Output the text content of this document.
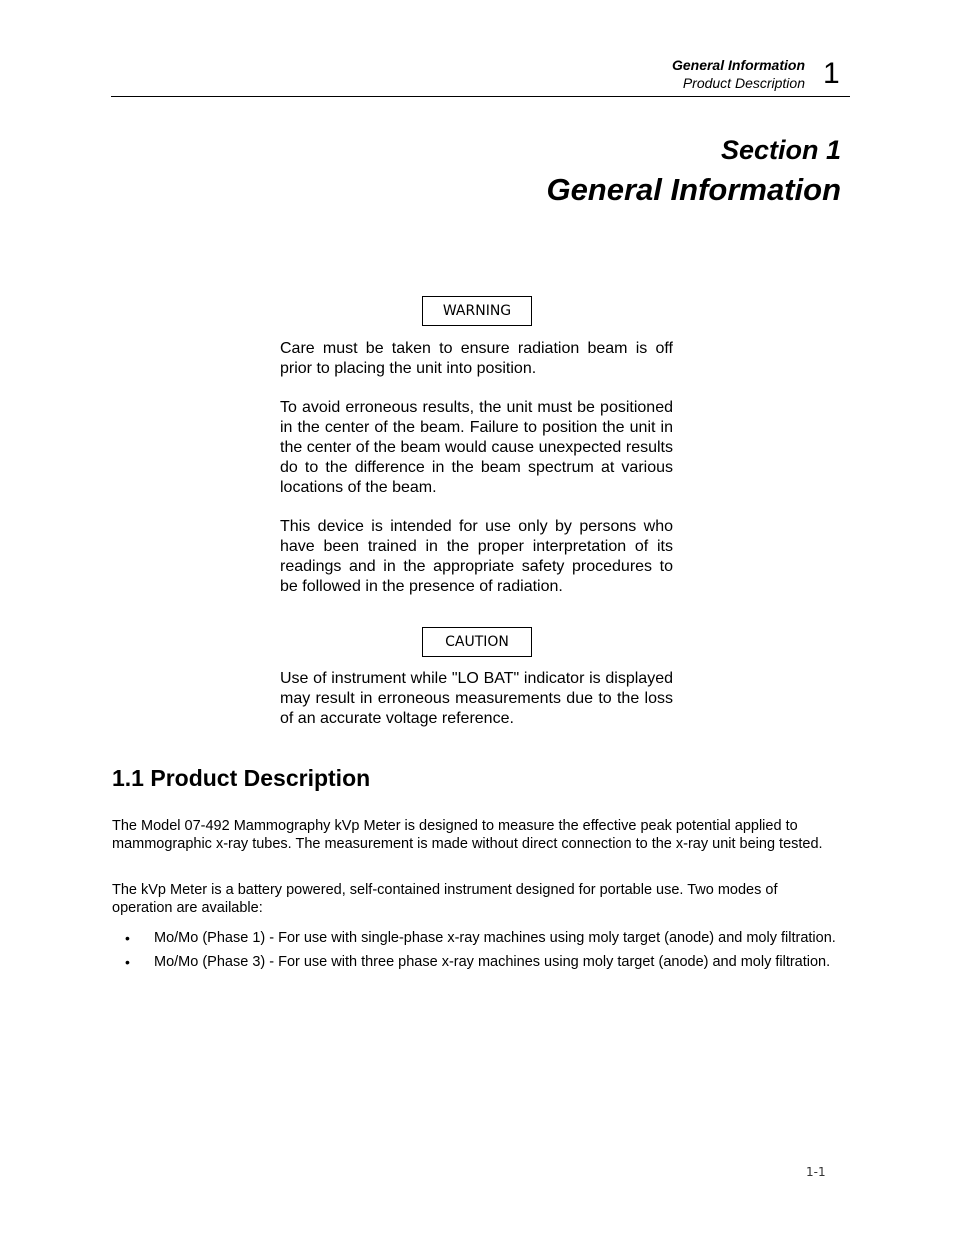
General Information
Product Description 1
Section 1
General Information
WARNING

Care must be taken to ensure radiation beam is off prior to placing the unit into position.

To avoid erroneous results, the unit must be positioned in the center of the beam. Failure to position the unit in the center of the beam would cause unexpected results do to the difference in the beam spectrum at various locations of the beam.

This device is intended for use only by persons who have been trained in the proper interpretation of its readings and in the appropriate safety procedures to be followed in the presence of radiation.

CAUTION

Use of instrument while "LO BAT" indicator is displayed may result in erroneous measurements due to the loss of an accurate voltage reference.

1.1 Product Description

The Model 07-492 Mammography kVp Meter is designed to measure the effective peak potential applied to mammographic x-ray tubes. The measurement is made without direct connection to the x-ray unit being tested.

The kVp Meter is a battery powered, self-contained instrument designed for portable use. Two modes of operation are available:

• Mo/Mo (Phase 1) - For use with single-phase x-ray machines using moly target (anode) and moly filtration.
• Mo/Mo (Phase 3) - For use with three phase x-ray machines using moly target (anode) and moly filtration.
1-1
